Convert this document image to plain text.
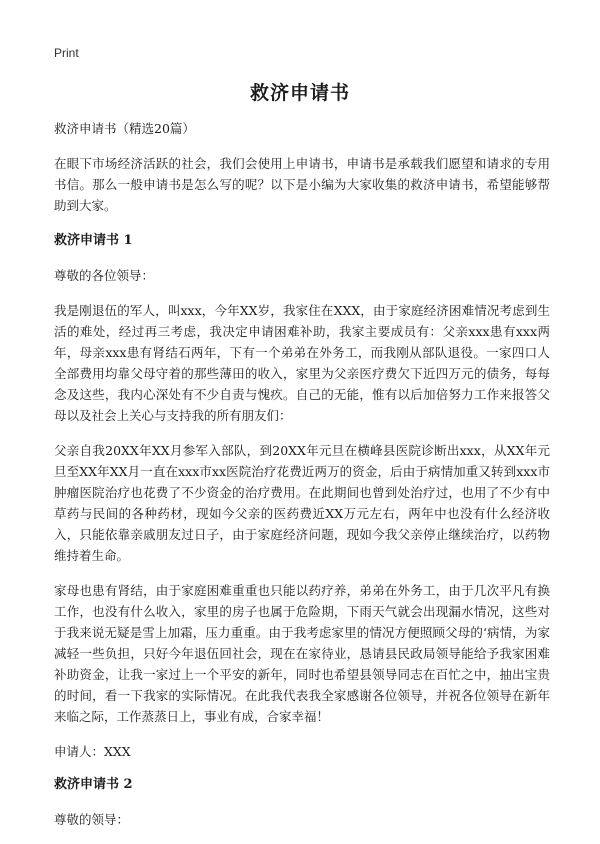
Print
救济申请书

救济申请书（精选20篇）

在眼下市场经济活跃的社会，我们会使用上申请书，申请书是承载我们愿望和请求的专用书信。那么一般申请书是怎么写的呢？以下是小编为大家收集的救济申请书，希望能够帮助到大家。

救济申请书 1

尊敬的各位领导：

我是刚退伍的军人，叫xxx，今年XX岁，我家住在XXX，由于家庭经济困难情况考虑到生活的难处，经过再三考虑，我决定申请困难补助，我家主要成员有：父亲xxx患有xxx两年，母亲xxx患有肾结石两年，下有一个弟弟在外务工，而我刚从部队退役。一家四口人全部费用均靠父母守着的那些薄田的收入，家里为父亲医疗费欠下近四万元的债务，每每念及这些，我内心深处有不少自责与愧疚。自己的无能，惟有以后加倍努力工作来报答父母以及社会上关心与支持我的所有朋友们：

父亲自我20XX年XX月参军入部队，到20XX年元旦在横峰县医院诊断出xxx，从XX年元旦至XX年XX月一直在xxx市xx医院治疗花费近两万的资金，后由于病情加重又转到xxx市肿瘤医院治疗也花费了不少资金的治疗费用。在此期间也曾到处治疗过，也用了不少有中草药与民间的各种药材，现如今父亲的医药费近XX万元左右，两年中也没有什么经济收入，只能依靠亲戚朋友过日子，由于家庭经济问题，现如今我父亲停止继续治疗，以药物维持着生命。

家母也患有肾结，由于家庭困难重重也只能以药疗养，弟弟在外务工，由于几次平凡有换工作，也没有什么收入，家里的房子也属于危险期，下雨天气就会出现漏水情况，这些对于我来说无疑是雪上加霜，压力重重。由于我考虑家里的情况方便照顾父母的‘病情，为家减轻一些负担，只好今年退伍回社会，现在在家待业，恳请县民政局领导能给予我家困难补助资金，让我一家过上一个平安的新年，同时也希望县领导同志在百忙之中，抽出宝贵的时间，看一下我家的实际情况。在此我代表我全家感谢各位领导，并祝各位领导在新年来临之际，工作蒸蒸日上，事业有成，合家幸福！

申请人：XXX

救济申请书 2

尊敬的领导：
